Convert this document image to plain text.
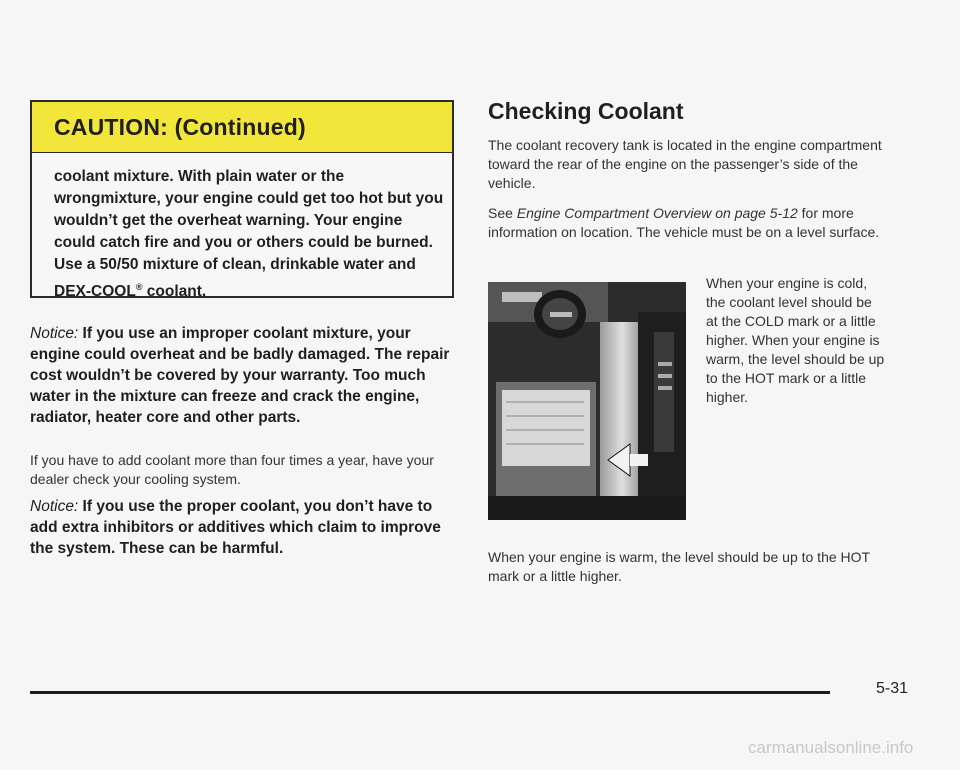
CAUTION: (Continued)
coolant mixture. With plain water or the wrongmixture, your engine could get too hot but you wouldn’t get the overheat warning. Your engine could catch fire and you or others could be burned. Use a 50/50 mixture of clean, drinkable water and DEX-COOL® coolant.
Notice: If you use an improper coolant mixture, your engine could overheat and be badly damaged. The repair cost wouldn’t be covered by your warranty. Too much water in the mixture can freeze and crack the engine, radiator, heater core and other parts.
If you have to add coolant more than four times a year, have your dealer check your cooling system.
Notice: If you use the proper coolant, you don’t have to add extra inhibitors or additives which claim to improve the system. These can be harmful.
Checking Coolant
The coolant recovery tank is located in the engine compartment toward the rear of the engine on the passenger’s side of the vehicle.
See Engine Compartment Overview on page 5-12 for more information on location. The vehicle must be on a level surface.
When your engine is cold, the coolant level should be at the COLD mark or a little higher. When your engine is warm, the level should be up to the HOT mark or a little higher.
When your engine is warm, the level should be up to the HOT mark or a little higher.
5-31
carmanualsonline.info
